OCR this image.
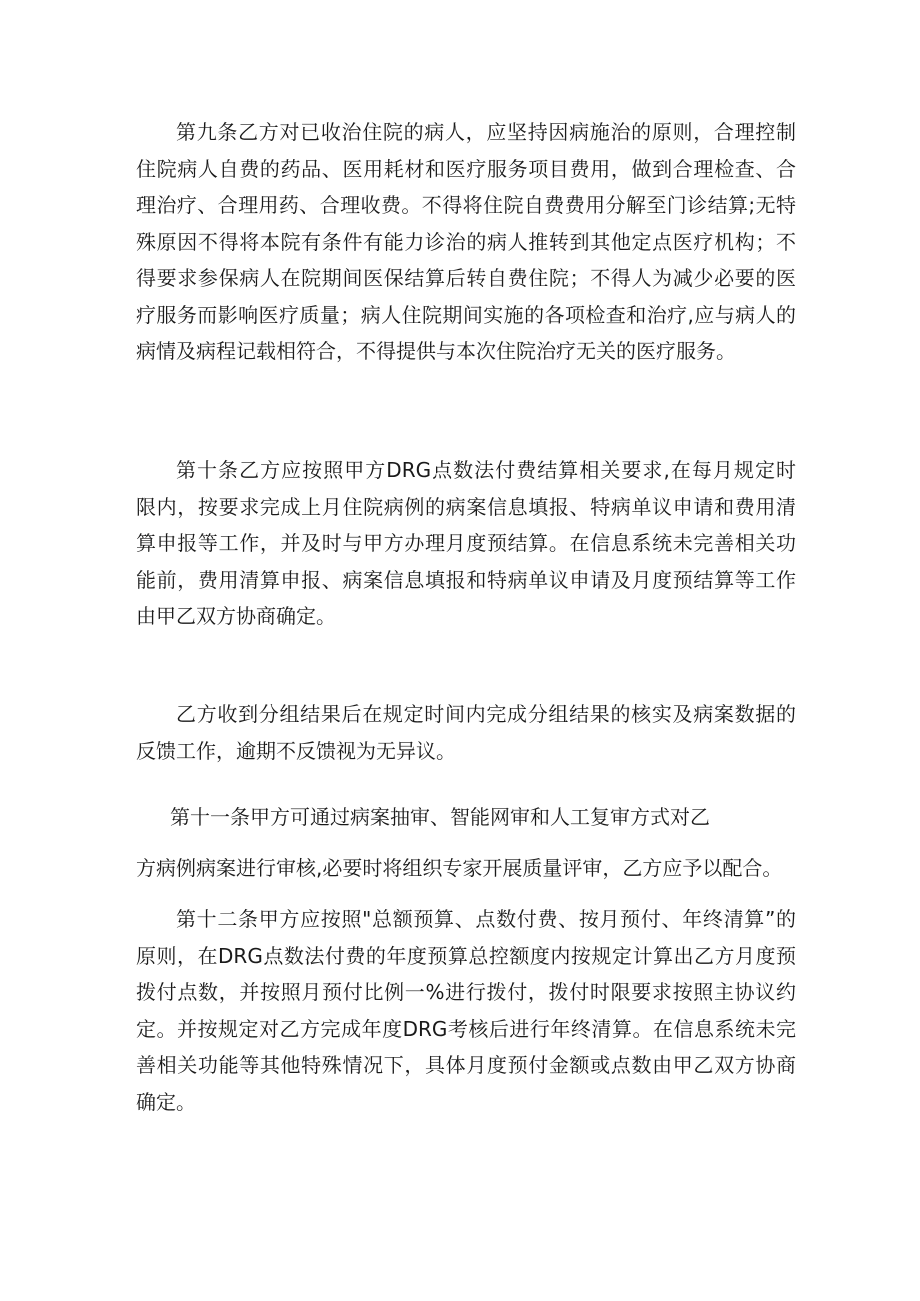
第九条乙方对已收治住院的病人，应坚持因病施治的原则，合理控制
住院病人自费的药品、医用耗材和医疗服务项目费用，做到合理检查、合
理治疗、合理用药、合理收费。不得将住院自费费用分解至门诊结算;无特
殊原因不得将本院有条件有能力诊治的病人推转到其他定点医疗机构；不
得要求参保病人在院期间医保结算后转自费住院；不得人为减少必要的医
疗服务而影响医疗质量；病人住院期间实施的各项检查和治疗,应与病人的
病情及病程记载相符合，不得提供与本次住院治疗无关的医疗服务。
第十条乙方应按照甲方DRG点数法付费结算相关要求,在每月规定时
限内，按要求完成上月住院病例的病案信息填报、特病单议申请和费用清
算申报等工作，并及时与甲方办理月度预结算。在信息系统未完善相关功
能前，费用清算申报、病案信息填报和特病单议申请及月度预结算等工作
由甲乙双方协商确定。
乙方收到分组结果后在规定时间内完成分组结果的核实及病案数据的
反馈工作，逾期不反馈视为无异议。
第十一条甲方可通过病案抽审、智能网审和人工复审方式对乙
方病例病案进行审核,必要时将组织专家开展质量评审，乙方应予以配合。
第十二条甲方应按照"总额预算、点数付费、按月预付、年终清算”的
原则，在DRG点数法付费的年度预算总控额度内按规定计算出乙方月度预
拨付点数，并按照月预付比例一%进行拨付，拨付时限要求按照主协议约
定。并按规定对乙方完成年度DRG考核后进行年终清算。在信息系统未完
善相关功能等其他特殊情况下，具体月度预付金额或点数由甲乙双方协商
确定。
